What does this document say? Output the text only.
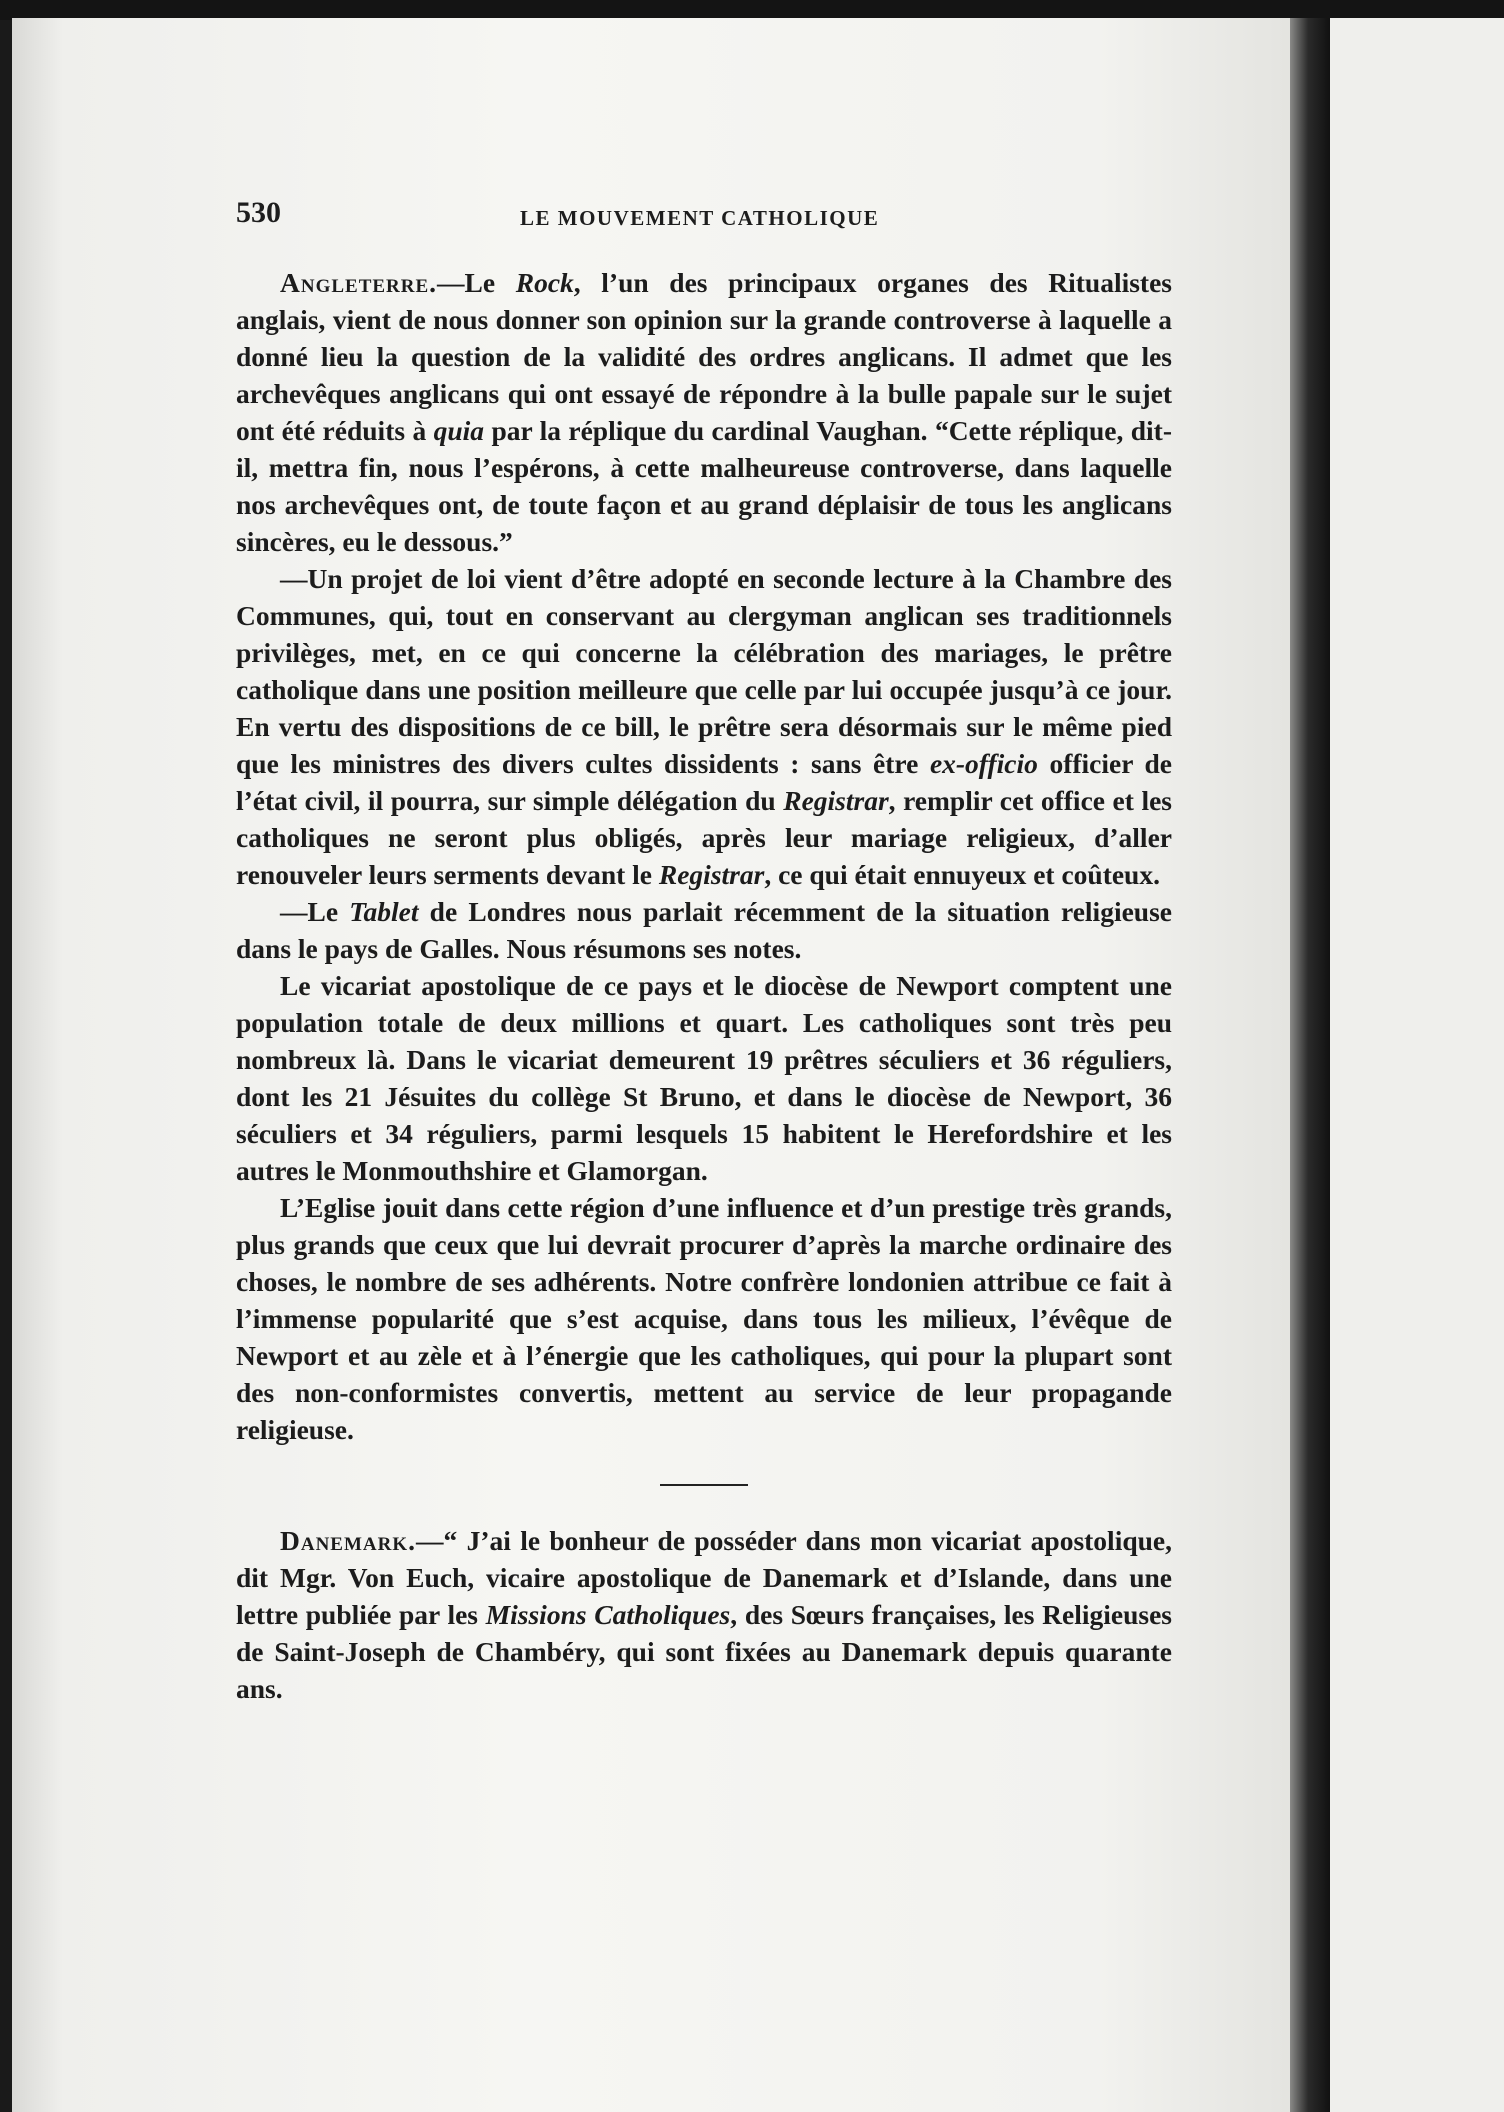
530	LE MOUVEMENT CATHOLIQUE

Angleterre.—Le Rock, l’un des principaux organes des Ritualistes anglais, vient de nous donner son opinion sur la grande controverse à laquelle a donné lieu la question de la validité des ordres anglicans. Il admet que les archevêques anglicans qui ont essayé de répondre à la bulle papale sur le sujet ont été réduits à quia par la réplique du cardinal Vaughan. “Cette réplique, dit-il, mettra fin, nous l’espérons, à cette malheureuse controverse, dans laquelle nos archevêques ont, de toute façon et au grand déplaisir de tous les anglicans sincères, eu le dessous.”

—Un projet de loi vient d’être adopté en seconde lecture à la Chambre des Communes, qui, tout en conservant au clergyman anglican ses traditionnels privilèges, met, en ce qui concerne la célébration des mariages, le prêtre catholique dans une position meilleure que celle par lui occupée jusqu’à ce jour. En vertu des dispositions de ce bill, le prêtre sera désormais sur le même pied que les ministres des divers cultes dissidents : sans être ex-officio officier de l’état civil, il pourra, sur simple délégation du Registrar, remplir cet office et les catholiques ne seront plus obligés, après leur mariage religieux, d’aller renouveler leurs serments devant le Registrar, ce qui était ennuyeux et coûteux.

—Le Tablet de Londres nous parlait récemment de la situation religieuse dans le pays de Galles. Nous résumons ses notes.

Le vicariat apostolique de ce pays et le diocèse de Newport comptent une population totale de deux millions et quart. Les catholiques sont très peu nombreux là. Dans le vicariat demeurent 19 prêtres séculiers et 36 réguliers, dont les 21 Jésuites du collège St Bruno, et dans le diocèse de Newport, 36 séculiers et 34 réguliers, parmi lesquels 15 habitent le Herefordshire et les autres le Monmouthshire et Glamorgan.

L’Eglise jouit dans cette région d’une influence et d’un prestige très grands, plus grands que ceux que lui devrait procurer d’après la marche ordinaire des choses, le nombre de ses adhérents. Notre confrère londonien attribue ce fait à l’immense popularité que s’est acquise, dans tous les milieux, l’évêque de Newport et au zèle et à l’énergie que les catholiques, qui pour la plupart sont des non-conformistes convertis, mettent au service de leur propagande religieuse.

Danemark.—“ J’ai le bonheur de posséder dans mon vicariat apostolique, dit Mgr. Von Euch, vicaire apostolique de Danemark et d’Islande, dans une lettre publiée par les Missions Catholiques, des Sœurs françaises, les Religieuses de Saint-Joseph de Chambéry, qui sont fixées au Danemark depuis quarante ans.
